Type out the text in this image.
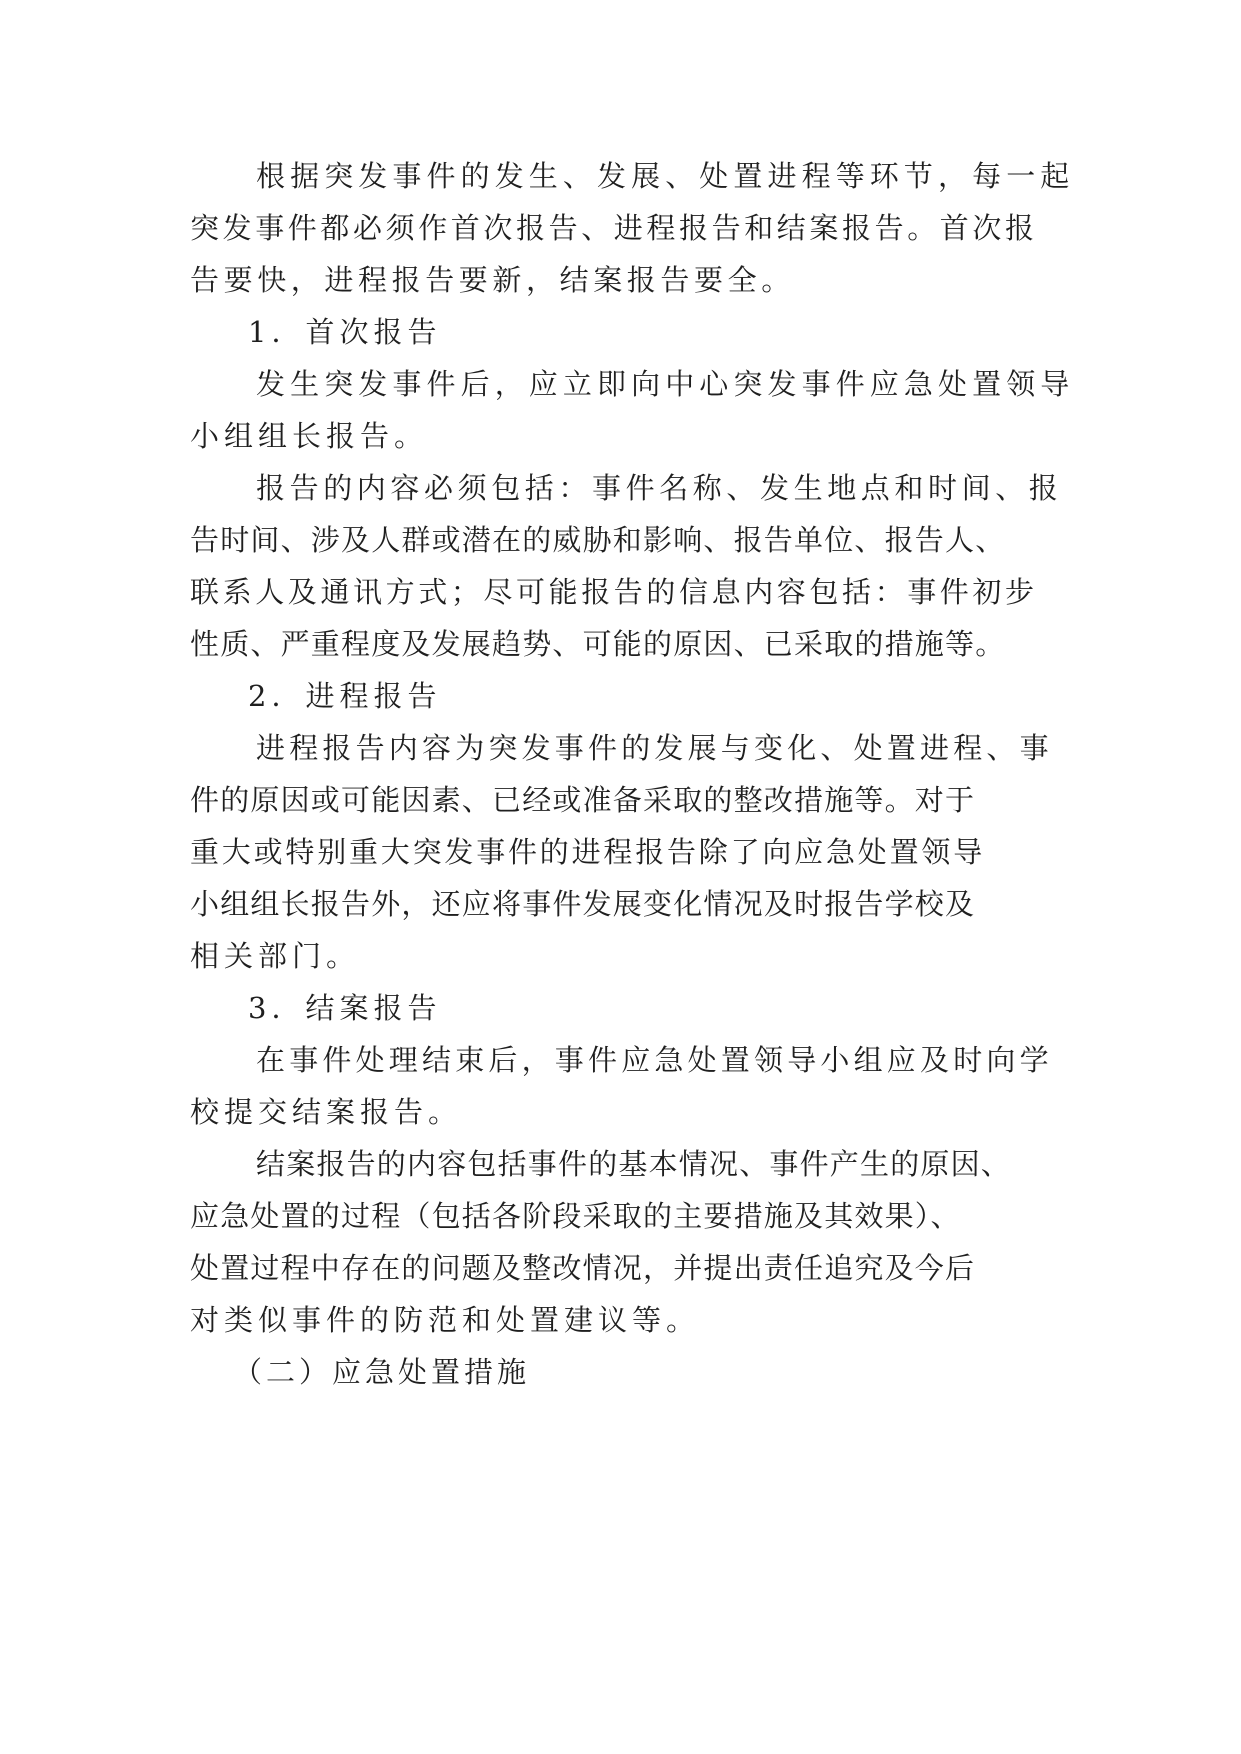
根据突发事件的发生、发展、处置进程等环节，每一起
突发事件都必须作首次报告、进程报告和结案报告。首次报
告要快，进程报告要新，结案报告要全。
1．首次报告
发生突发事件后，应立即向中心突发事件应急处置领导
小组组长报告。
报告的内容必须包括：事件名称、发生地点和时间、报
告时间、涉及人群或潜在的威胁和影响、报告单位、报告人、
联系人及通讯方式；尽可能报告的信息内容包括：事件初步
性质、严重程度及发展趋势、可能的原因、已采取的措施等。
2．进程报告
进程报告内容为突发事件的发展与变化、处置进程、事
件的原因或可能因素、已经或准备采取的整改措施等。对于
重大或特别重大突发事件的进程报告除了向应急处置领导
小组组长报告外，还应将事件发展变化情况及时报告学校及
相关部门。
3．结案报告
在事件处理结束后，事件应急处置领导小组应及时向学
校提交结案报告。
结案报告的内容包括事件的基本情况、事件产生的原因、
应急处置的过程（包括各阶段采取的主要措施及其效果）、
处置过程中存在的问题及整改情况，并提出责任追究及今后
对类似事件的防范和处置建议等。
（二）应急处置措施
